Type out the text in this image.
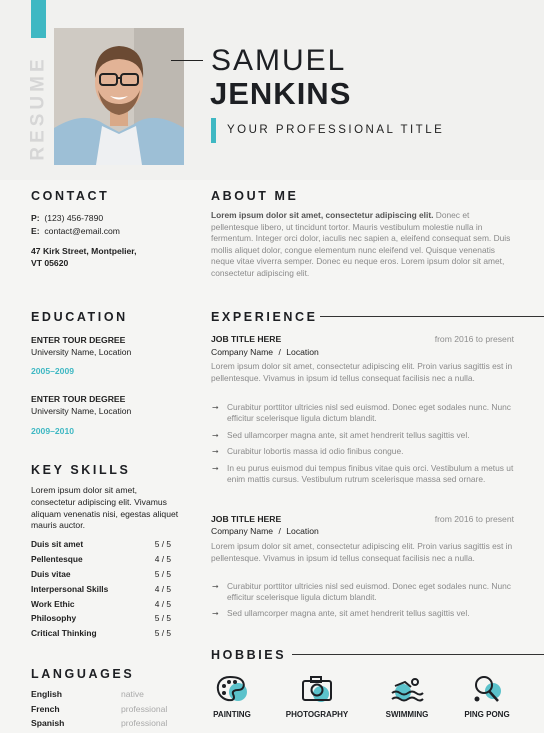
RESUME	SAMUEL
JENKINS
YOUR PROFESSIONAL TITLE
CONTACT
P: (123) 456-7890
E: contact@email.com
47 Kirk Street, Montpelier,
VT 05620
ABOUT ME
Lorem ipsum dolor sit amet, consectetur adipiscing elit. Donec et pellentesque libero, ut tincidunt tortor. Mauris vestibulum molestie nulla in fermentum. Integer orci dolor, iaculis nec sapien a, eleifend consequat sem. Duis mollis aliquet dolor, congue elementum nunc eleifend vel. Quisque venenatis neque vitae viverra semper. Donec eu neque eros. Lorem ipsum dolor sit amet, consectetur adipiscing elit.
EDUCATION
ENTER TOUR DEGREE
University Name, Location
2005–2009
ENTER TOUR DEGREE
University Name, Location
2009–2010
EXPERIENCE
JOB TITLE HERE	from 2016 to present
Company Name / Location
Lorem ipsum dolor sit amet, consectetur adipiscing elit. Proin varius sagittis est in pellentesque. Vivamus in ipsum id tellus consequat facilisis nec a nulla.
➞ Curabitur porttitor ultricies nisl sed euismod. Donec eget sodales nunc. Nunc efficitur scelerisque ligula dictum blandit.
➞ Sed ullamcorper magna ante, sit amet hendrerit tellus sagittis vel.
➞ Curabitur lobortis massa id odio finibus congue.
➞ In eu purus euismod dui tempus finibus vitae quis orci. Vestibulum a metus ut enim mattis cursus. Vestibulum rutrum scelerisque massa sed ornare.
JOB TITLE HERE	from 2016 to present
Company Name / Location
Lorem ipsum dolor sit amet, consectetur adipiscing elit. Proin varius sagittis est in pellentesque. Vivamus in ipsum id tellus consequat facilisis nec a nulla.
➞ Curabitur porttitor ultricies nisl sed euismod. Donec eget sodales nunc. Nunc efficitur scelerisque ligula dictum blandit.
➞ Sed ullamcorper magna ante, sit amet hendrerit tellus sagittis vel.
KEY SKILLS
Lorem ipsum dolor sit amet, consectetur adipiscing elit. Vivamus aliquam venenatis nisi, egestas aliquet mauris auctor.
Duis sit amet	5 / 5
Pellentesque	4 / 5
Duis vitae	5 / 5
Interpersonal Skills	4 / 5
Work Ethic	4 / 5
Philosophy	5 / 5
Critical Thinking	5 / 5
LANGUAGES
English	native
French	professional
Spanish	professional
HOBBIES
PAINTING	PHOTOGRAPHY	SWIMMING	PING PONG
